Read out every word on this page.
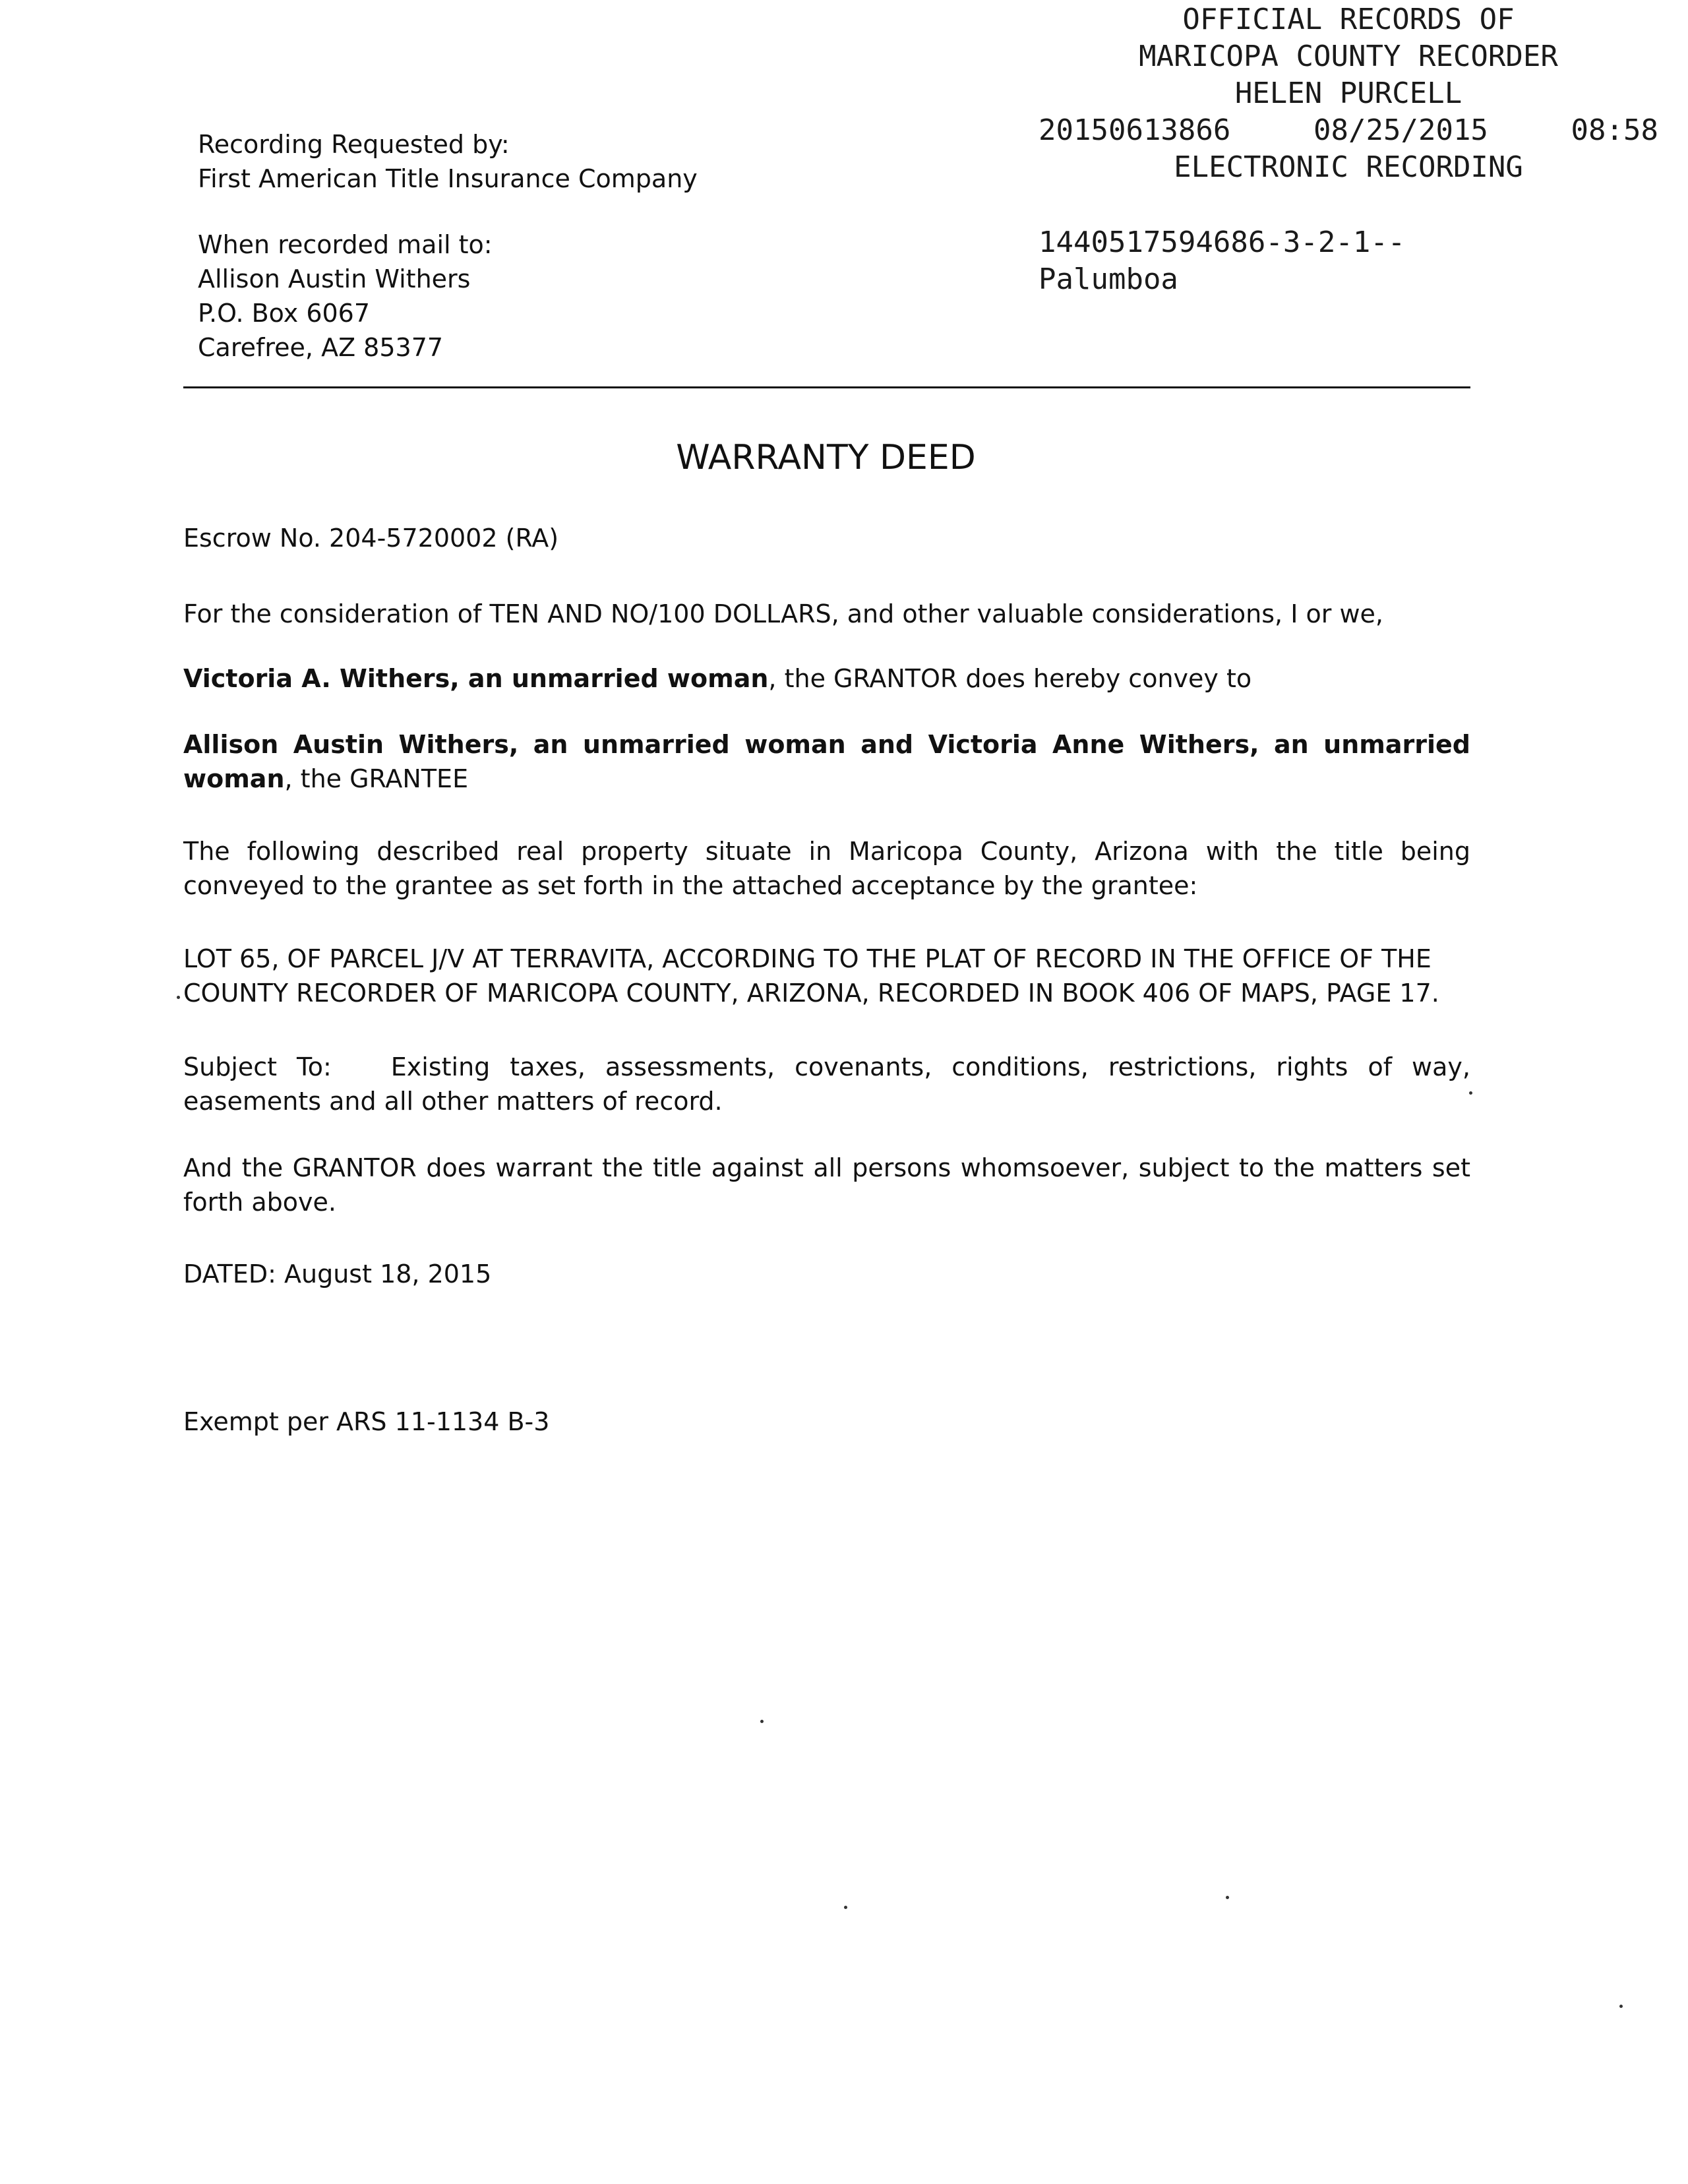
OFFICIAL RECORDS OF
MARICOPA COUNTY RECORDER
HELEN PURCELL
20150613866	08/25/2015	08:58
ELECTRONIC RECORDING
1440517594686-3-2-1--
Palumboa
Recording Requested by:
First American Title Insurance Company
When recorded mail to:
Allison Austin Withers
P.O. Box 6067
Carefree, AZ 85377
WARRANTY DEED
Escrow No. 204-5720002 (RA)

For the consideration of TEN AND NO/100 DOLLARS, and other valuable considerations, I or we,

Victoria A. Withers, an unmarried woman, the GRANTOR does hereby convey to

Allison Austin Withers, an unmarried woman and Victoria Anne Withers, an unmarried woman, the GRANTEE

The following described real property situate in Maricopa County, Arizona with the title being conveyed to the grantee as set forth in the attached acceptance by the grantee:

LOT 65, OF PARCEL J/V AT TERRAVITA, ACCORDING TO THE PLAT OF RECORD IN THE OFFICE OF THE
COUNTY RECORDER OF MARICOPA COUNTY, ARIZONA, RECORDED IN BOOK 406 OF MAPS, PAGE 17.

Subject To: Existing taxes, assessments, covenants, conditions, restrictions, rights of way, easements and all other matters of record.

And the GRANTOR does warrant the title against all persons whomsoever, subject to the matters set forth above.

DATED: August 18, 2015
Exempt per ARS 11-1134 B-3
